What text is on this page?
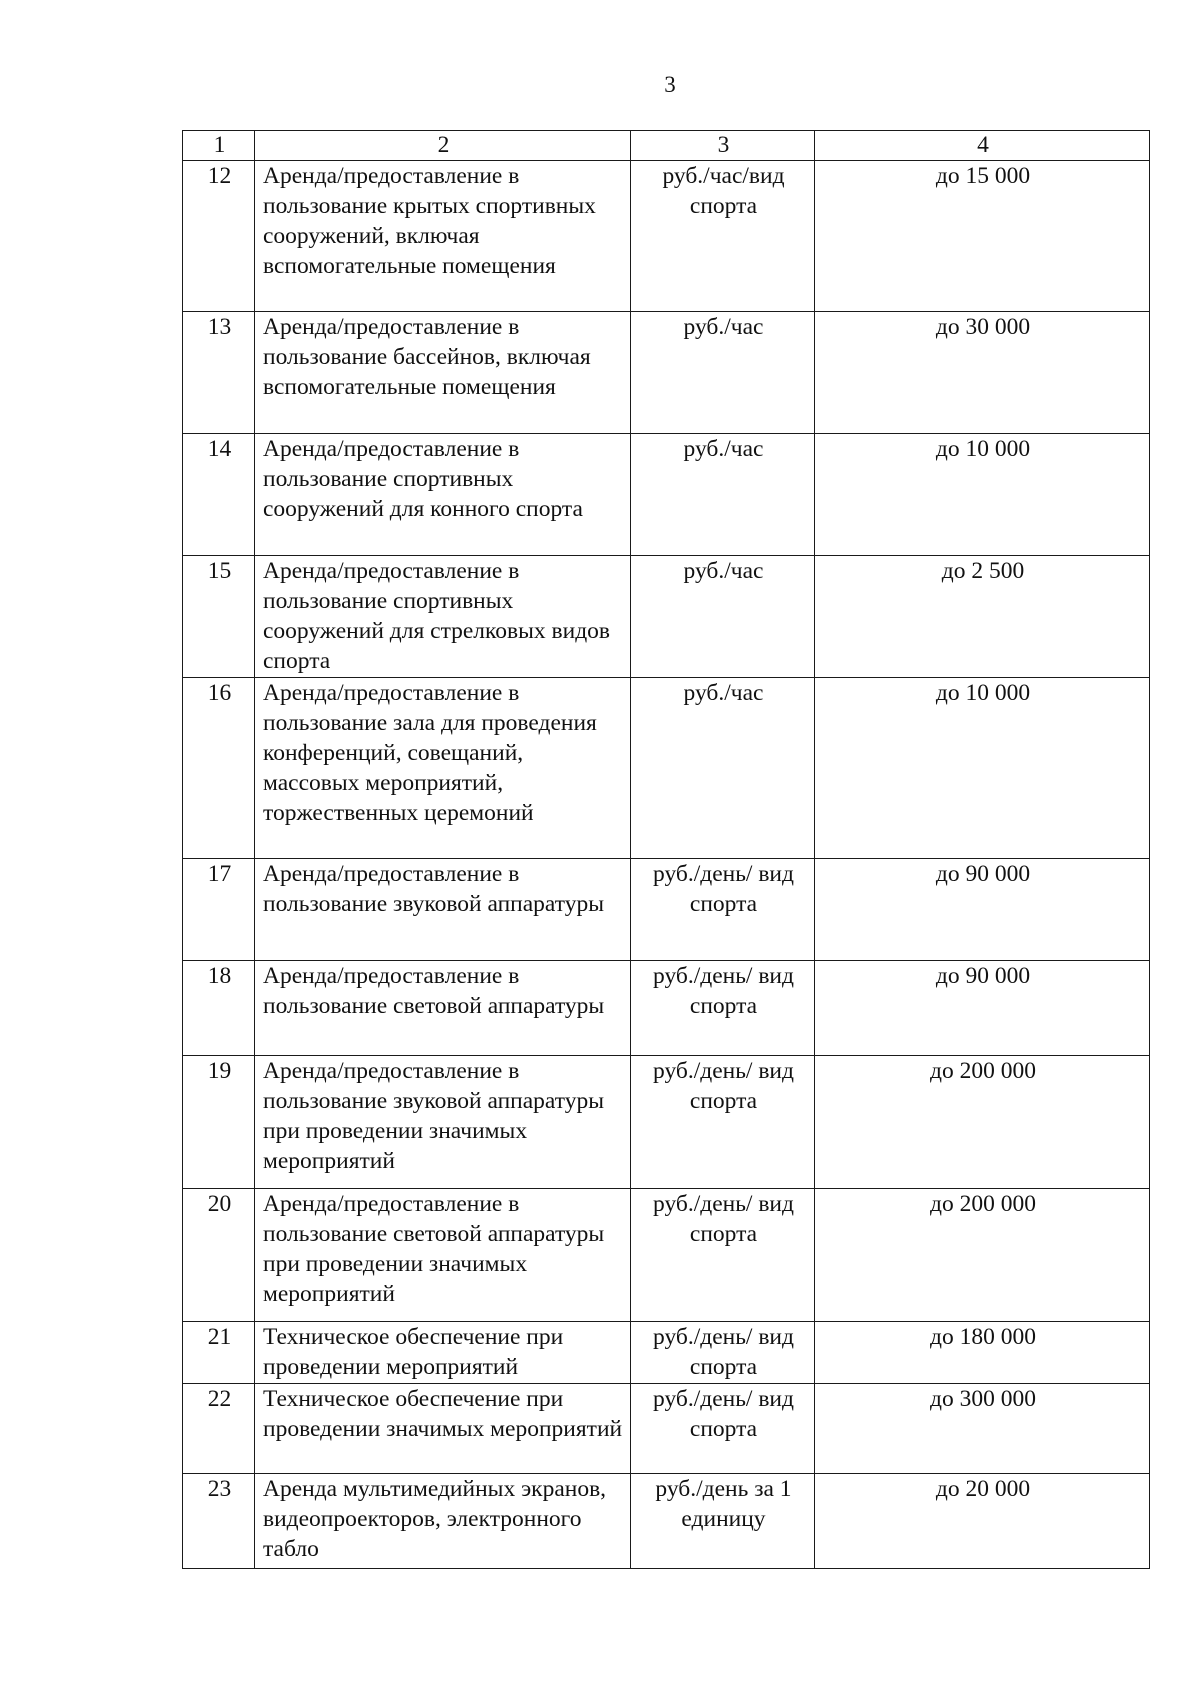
3
1	2	3	4
12	Аренда/предоставление в пользование крытых спортивных сооружений, включая вспомогательные помещения	руб./час/вид спорта	до 15 000
13	Аренда/предоставление в пользование бассейнов, включая вспомогательные помещения	руб./час	до 30 000
14	Аренда/предоставление в пользование спортивных сооружений для конного спорта	руб./час	до 10 000
15	Аренда/предоставление в пользование спортивных сооружений для стрелковых видов спорта	руб./час	до 2 500
16	Аренда/предоставление в пользование зала для проведения конференций, совещаний, массовых мероприятий, торжественных церемоний	руб./час	до 10 000
17	Аренда/предоставление в пользование звуковой аппаратуры	руб./день/ вид спорта	до 90 000
18	Аренда/предоставление в пользование световой аппаратуры	руб./день/ вид спорта	до 90 000
19	Аренда/предоставление в пользование звуковой аппаратуры при проведении значимых мероприятий	руб./день/ вид спорта	до 200 000
20	Аренда/предоставление в пользование световой аппаратуры при проведении значимых мероприятий	руб./день/ вид спорта	до 200 000
21	Техническое обеспечение при проведении мероприятий	руб./день/ вид спорта	до 180 000
22	Техническое обеспечение при проведении значимых мероприятий	руб./день/ вид спорта	до 300 000
23	Аренда мультимедийных экранов, видеопроекторов, электронного табло	руб./день за 1 единицу	до 20 000
